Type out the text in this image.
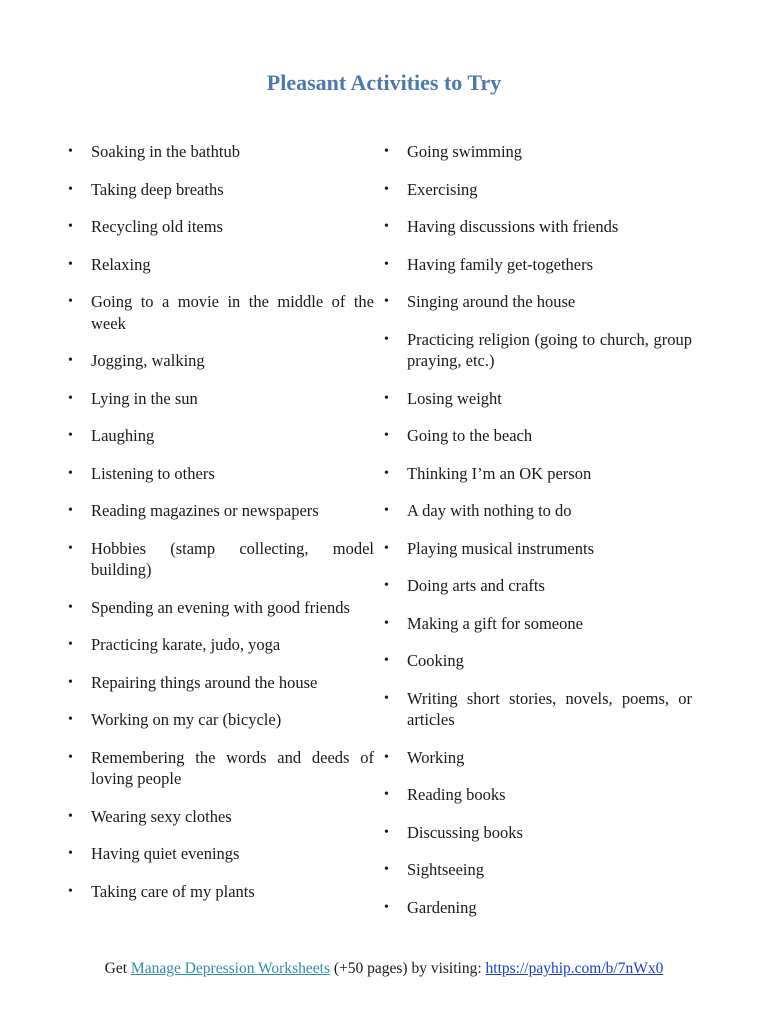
Pleasant Activities to Try
• Soaking in the bathtub
• Taking deep breaths
• Recycling old items
• Relaxing
• Going to a movie in the middle of the week
• Jogging, walking
• Lying in the sun
• Laughing
• Listening to others
• Reading magazines or newspapers
• Hobbies (stamp collecting, model building)
• Spending an evening with good friends
• Practicing karate, judo, yoga
• Repairing things around the house
• Working on my car (bicycle)
• Remembering the words and deeds of loving people
• Wearing sexy clothes
• Having quiet evenings
• Taking care of my plants
• Going swimming
• Exercising
• Having discussions with friends
• Having family get-togethers
• Singing around the house
• Practicing religion (going to church, group praying, etc.)
• Losing weight
• Going to the beach
• Thinking I’m an OK person
• A day with nothing to do
• Playing musical instruments
• Doing arts and crafts
• Making a gift for someone
• Cooking
• Writing short stories, novels, poems, or articles
• Working
• Reading books
• Discussing books
• Sightseeing
• Gardening

Get Manage Depression Worksheets (+50 pages) by visiting: https://payhip.com/b/7nWx0
